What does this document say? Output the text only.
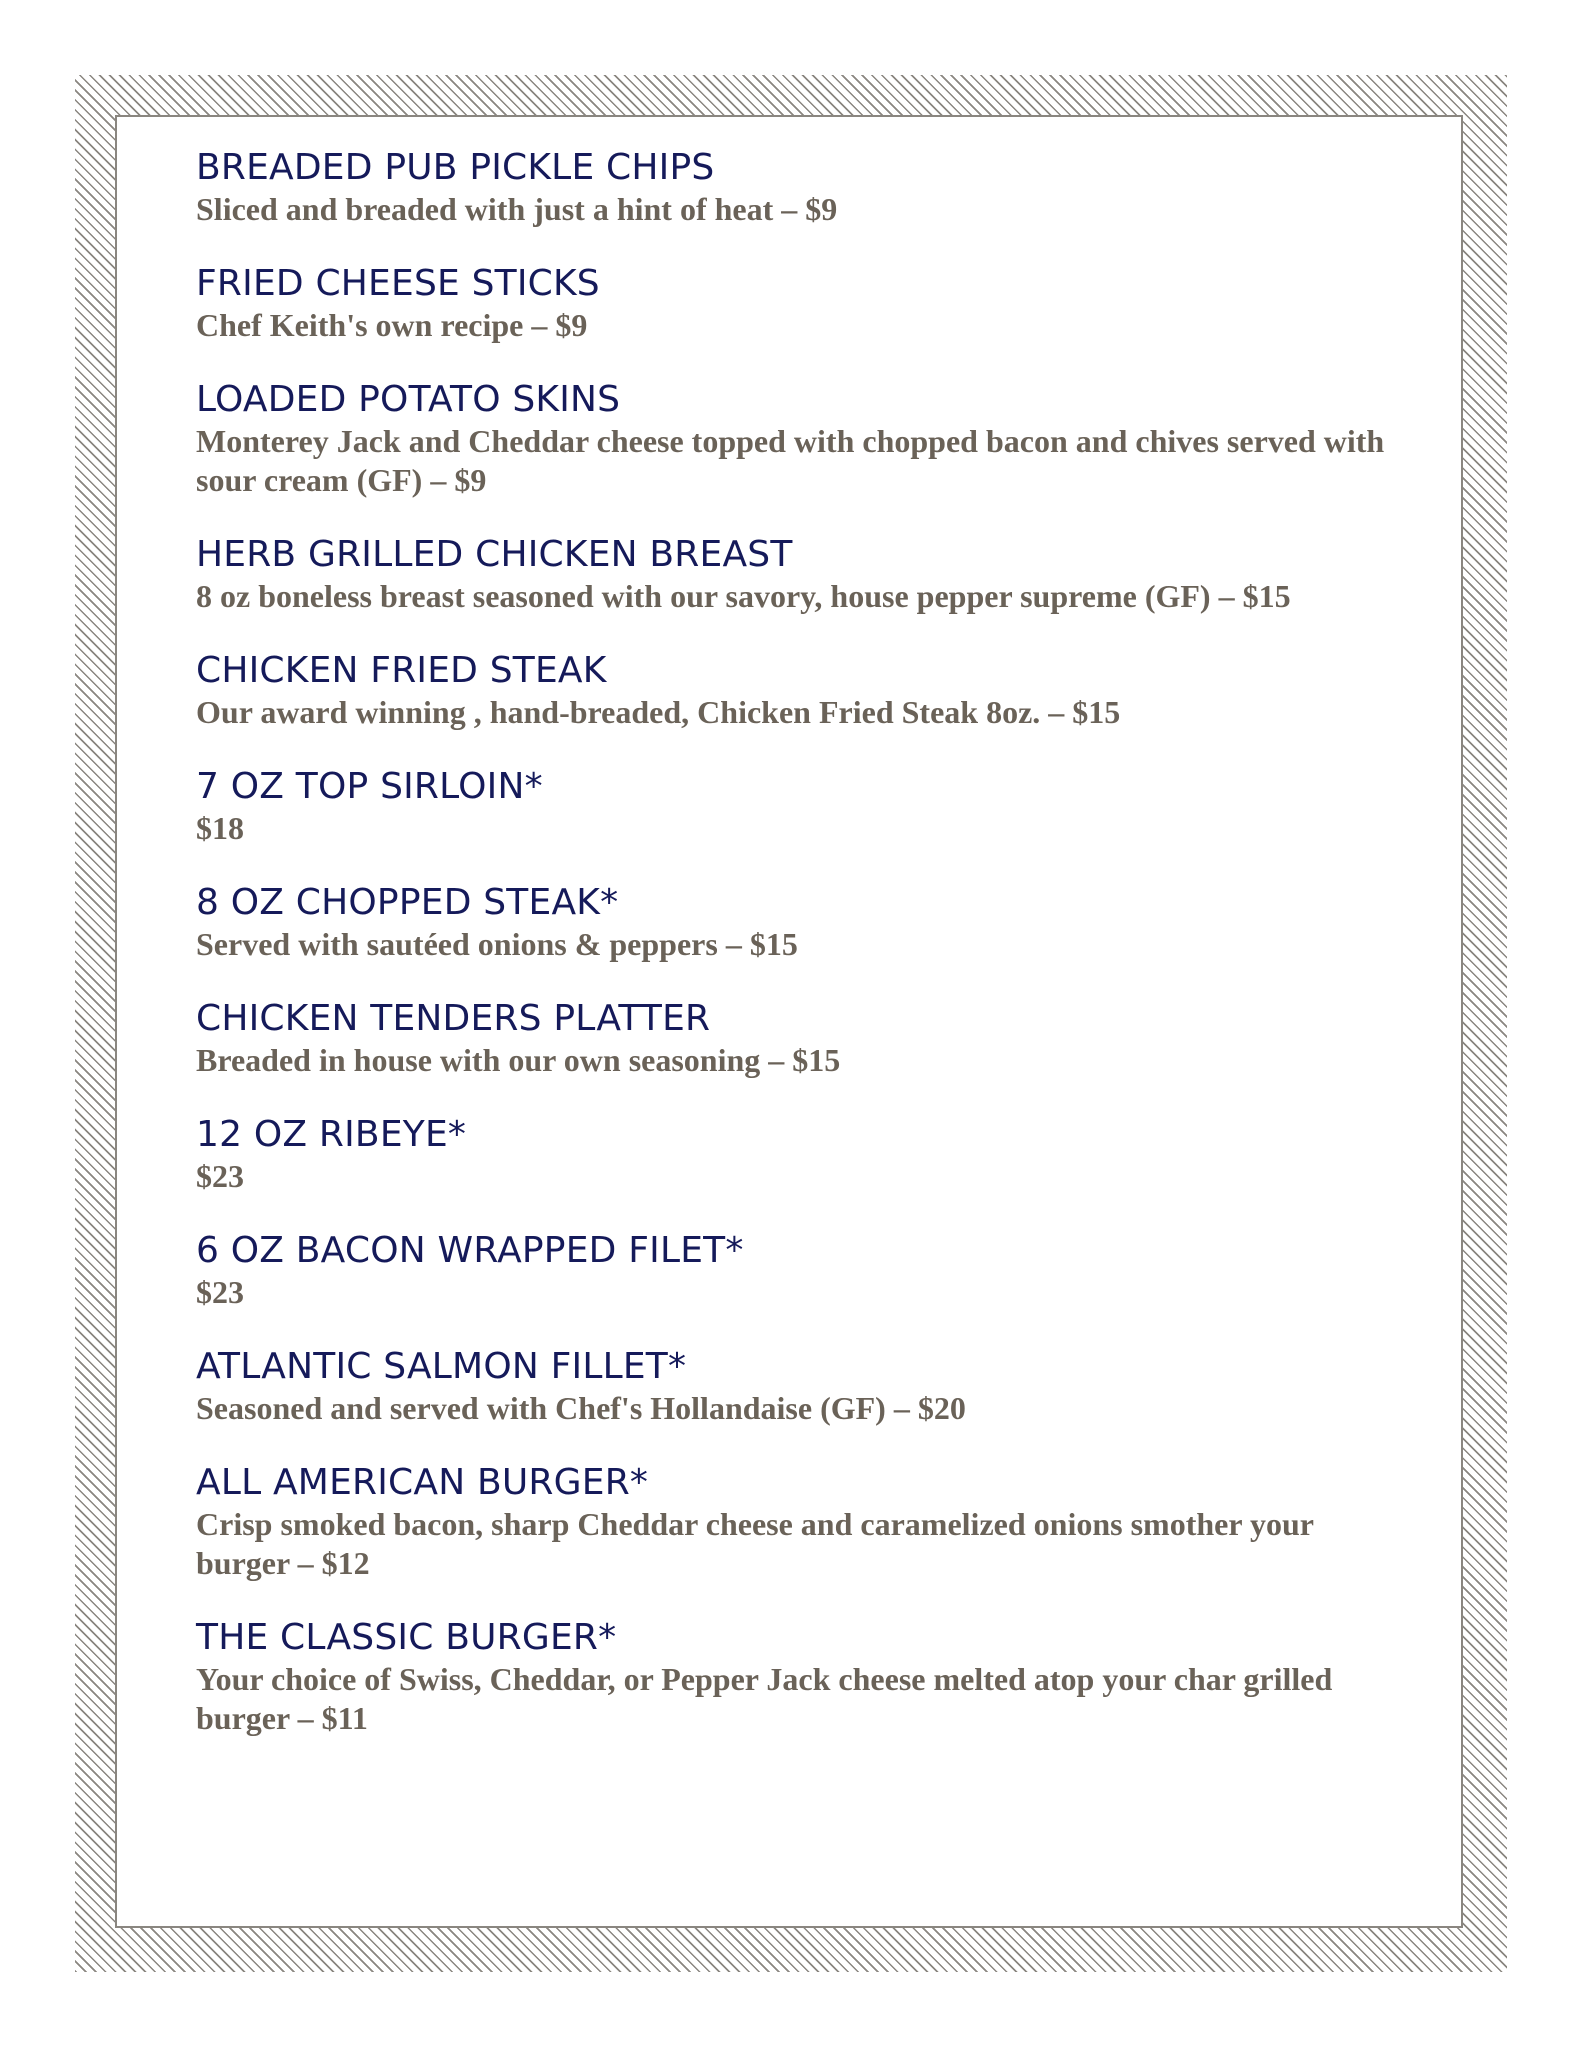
BREADED PUB PICKLE CHIPS
Sliced and breaded with just a hint of heat – $9
FRIED CHEESE STICKS
Chef Keith's own recipe – $9
LOADED POTATO SKINS
Monterey Jack and Cheddar cheese topped with chopped bacon and chives served with sour cream (GF) – $9
HERB GRILLED CHICKEN BREAST
8 oz boneless breast seasoned with our savory, house pepper supreme (GF) – $15
CHICKEN FRIED STEAK
Our award winning , hand-breaded, Chicken Fried Steak 8oz. – $15
7 OZ TOP SIRLOIN*
$18
8 OZ CHOPPED STEAK*
Served with sautéed onions & peppers – $15
CHICKEN TENDERS PLATTER
Breaded in house with our own seasoning – $15
12 OZ RIBEYE*
$23
6 OZ BACON WRAPPED FILET*
$23
ATLANTIC SALMON FILLET*
Seasoned and served with Chef's Hollandaise (GF) – $20
ALL AMERICAN BURGER*
Crisp smoked bacon, sharp Cheddar cheese and caramelized onions smother your burger – $12
THE CLASSIC BURGER*
Your choice of Swiss, Cheddar, or Pepper Jack cheese melted atop your char grilled burger – $11
